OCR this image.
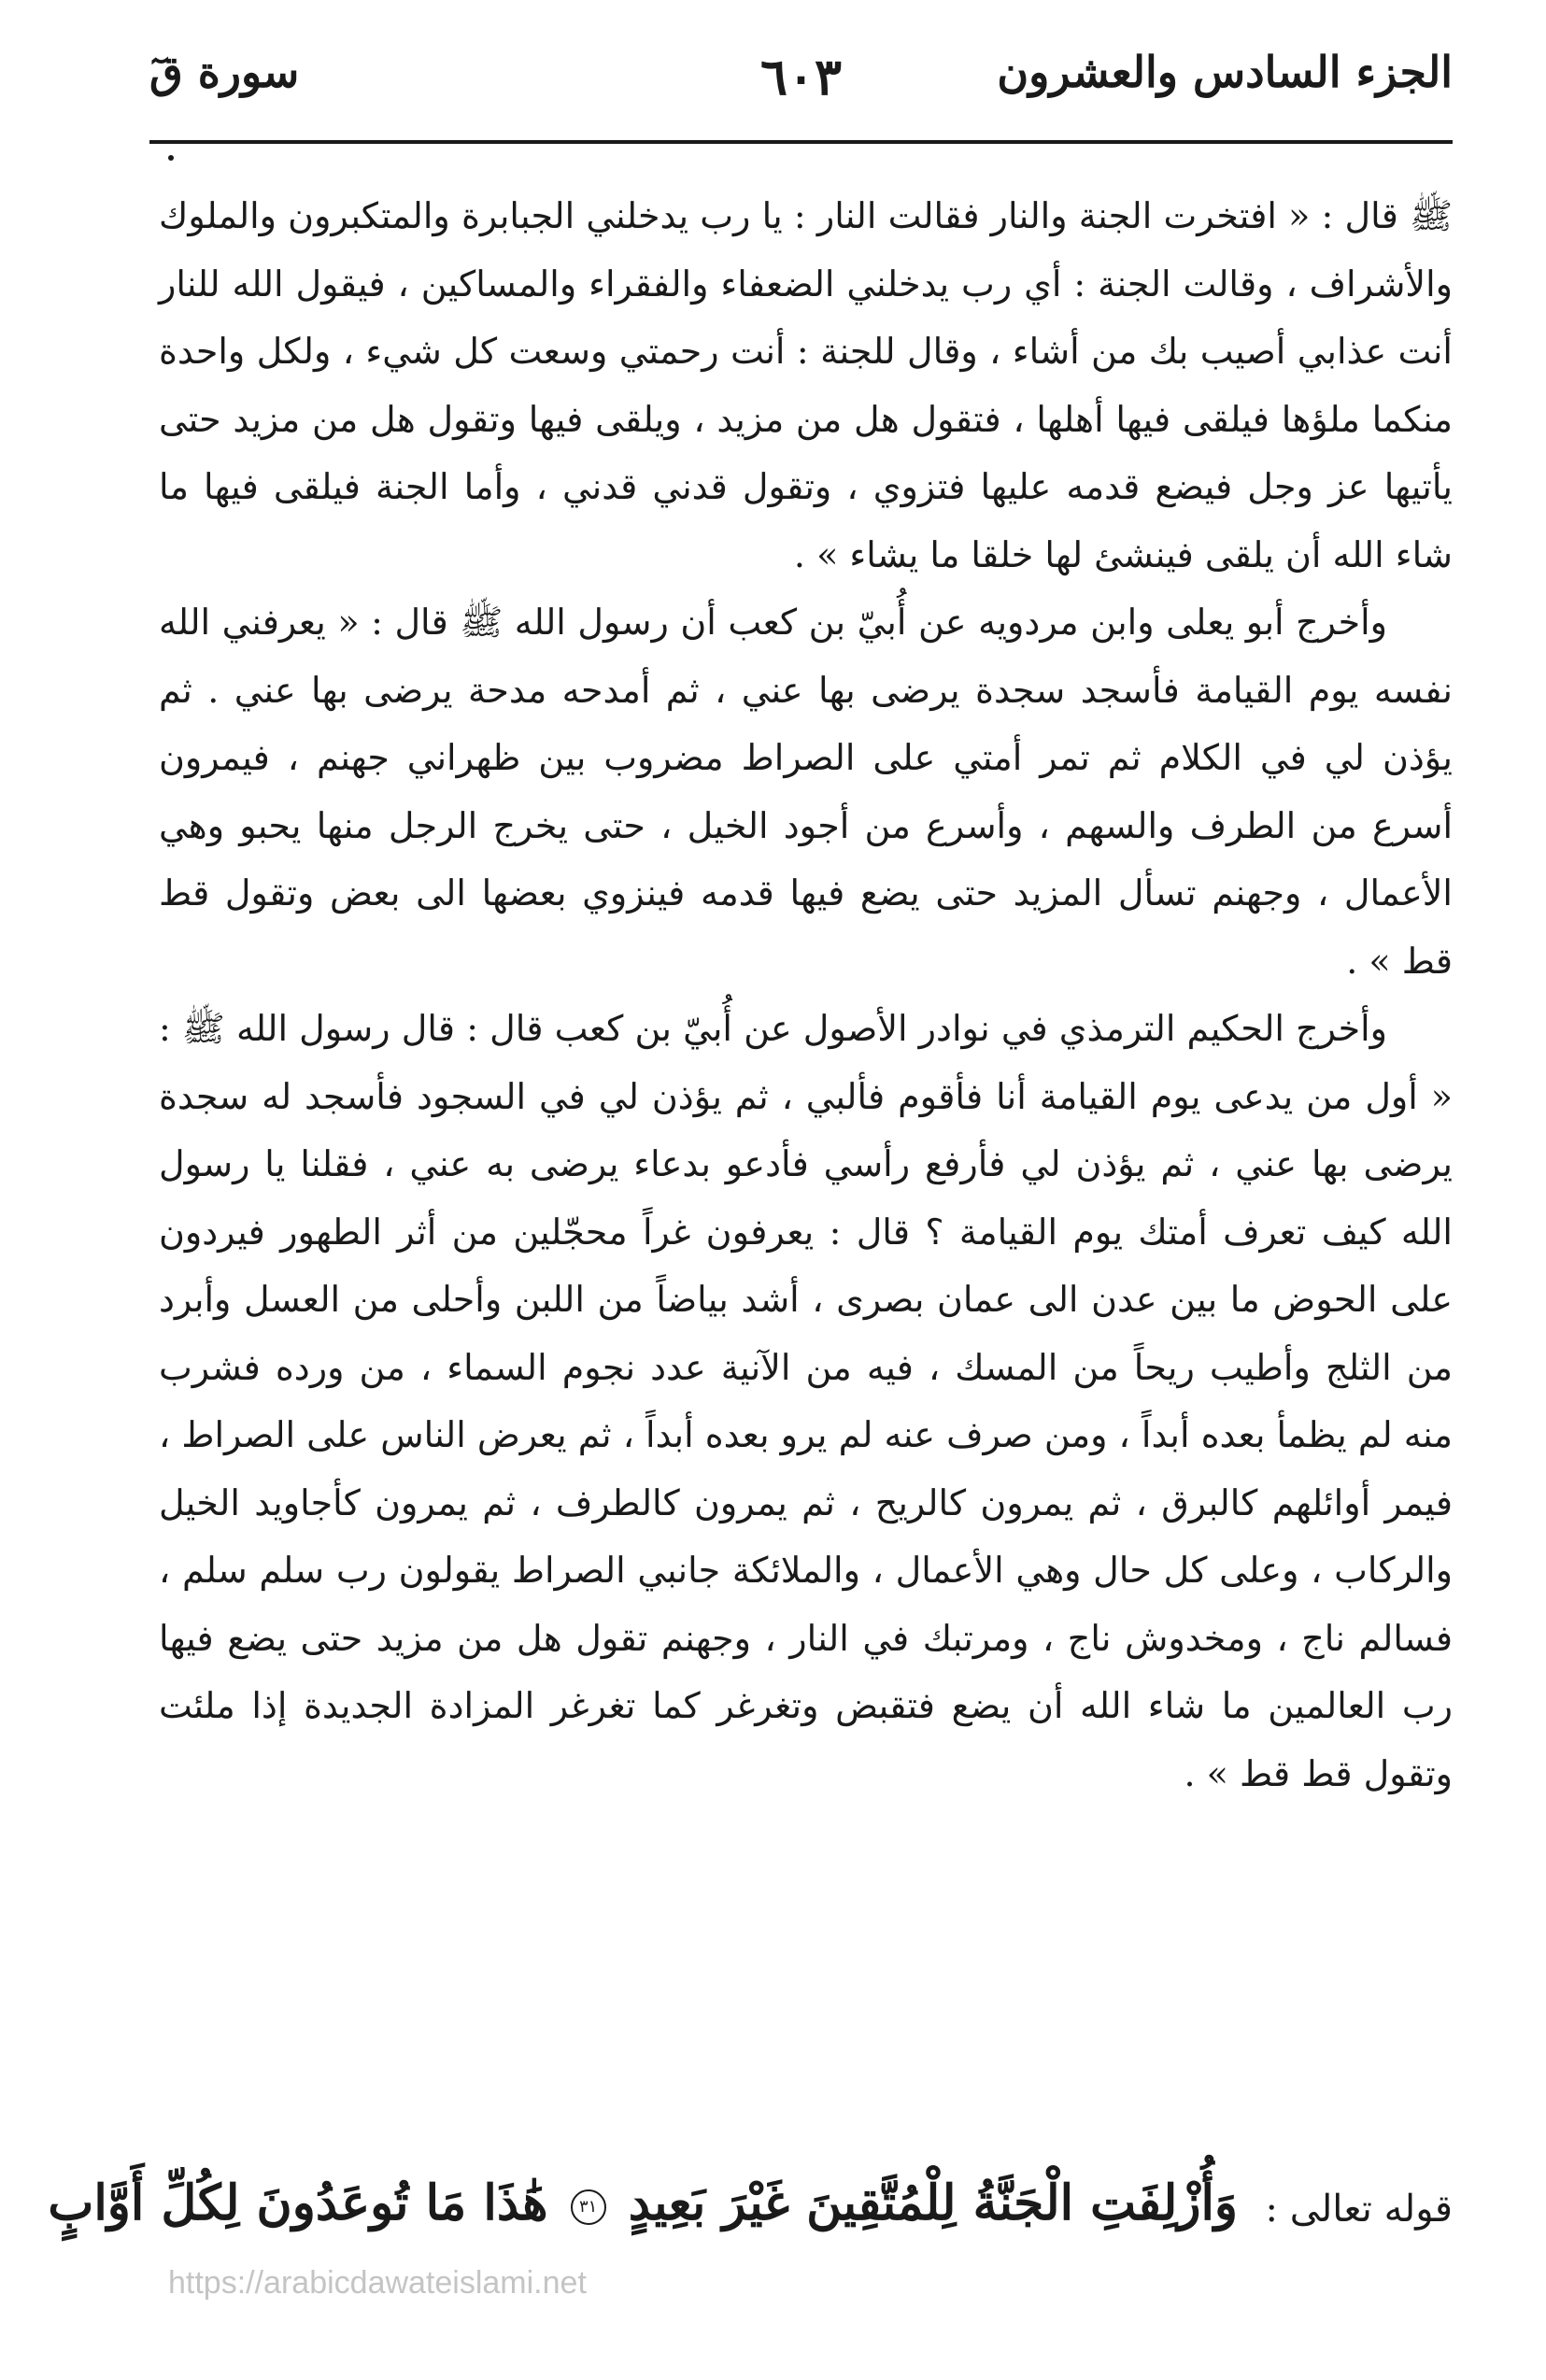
الجزء السادس والعشرون
٦٠٣
سورة قٓ

ﷺ قال : « افتخرت الجنة والنار فقالت النار : يا رب يدخلني الجبابرة والمتكبرون والملوك والأشراف ، وقالت الجنة : أي رب يدخلني الضعفاء والفقراء والمساكين ، فيقول الله للنار أنت عذابي أصيب بك من أشاء ، وقال للجنة : أنت رحمتي وسعت كل شيء ، ولكل واحدة منكما ملؤها فيلقى فيها أهلها ، فتقول هل من مزيد ، ويلقى فيها وتقول هل من مزيد حتى يأتيها عز وجل فيضع قدمه عليها فتزوي ، وتقول قدني قدني ، وأما الجنة فيلقى فيها ما شاء الله أن يلقى فينشئ لها خلقا ما يشاء » .

وأخرج أبو يعلى وابن مردويه عن أُبيّ بن كعب أن رسول الله ﷺ قال : « يعرفني الله نفسه يوم القيامة فأسجد سجدة يرضى بها عني ، ثم أمدحه مدحة يرضى بها عني . ثم يؤذن لي في الكلام ثم تمر أمتي على الصراط مضروب بين ظهراني جهنم ، فيمرون أسرع من الطرف والسهم ، وأسرع من أجود الخيل ، حتى يخرج الرجل منها يحبو وهي الأعمال ، وجهنم تسأل المزيد حتى يضع فيها قدمه فينزوي بعضها الى بعض وتقول قط قط » .

وأخرج الحكيم الترمذي في نوادر الأصول عن أُبيّ بن كعب قال : قال رسول الله ﷺ : « أول من يدعى يوم القيامة أنا فأقوم فألبي ، ثم يؤذن لي في السجود فأسجد له سجدة يرضى بها عني ، ثم يؤذن لي فأرفع رأسي فأدعو بدعاء يرضى به عني ، فقلنا يا رسول الله كيف تعرف أمتك يوم القيامة ؟ قال : يعرفون غراً محجّلين من أثر الطهور فيردون على الحوض ما بين عدن الى عمان بصرى ، أشد بياضاً من اللبن وأحلى من العسل وأبرد من الثلج وأطيب ريحاً من المسك ، فيه من الآنية عدد نجوم السماء ، من ورده فشرب منه لم يظمأ بعده أبداً ، ومن صرف عنه لم يرو بعده أبداً ، ثم يعرض الناس على الصراط ، فيمر أوائلهم كالبرق ، ثم يمرون كالريح ، ثم يمرون كالطرف ، ثم يمرون كأجاويد الخيل والركاب ، وعلى كل حال وهي الأعمال ، والملائكة جانبي الصراط يقولون رب سلم سلم ، فسالم ناج ، ومخدوش ناج ، ومرتبك في النار ، وجهنم تقول هل من مزيد حتى يضع فيها رب العالمين ما شاء الله أن يضع فتقبض وتغرغر كما تغرغر المزادة الجديدة إذا ملئت وتقول قط قط » .

قوله تعالى :
وَأُزْلِفَتِ الْجَنَّةُ لِلْمُتَّقِينَ غَيْرَ بَعِيدٍ ٣١ هَٰذَا مَا تُوعَدُونَ لِكُلِّ أَوَّابٍ
https://arabicdawateislami.net
